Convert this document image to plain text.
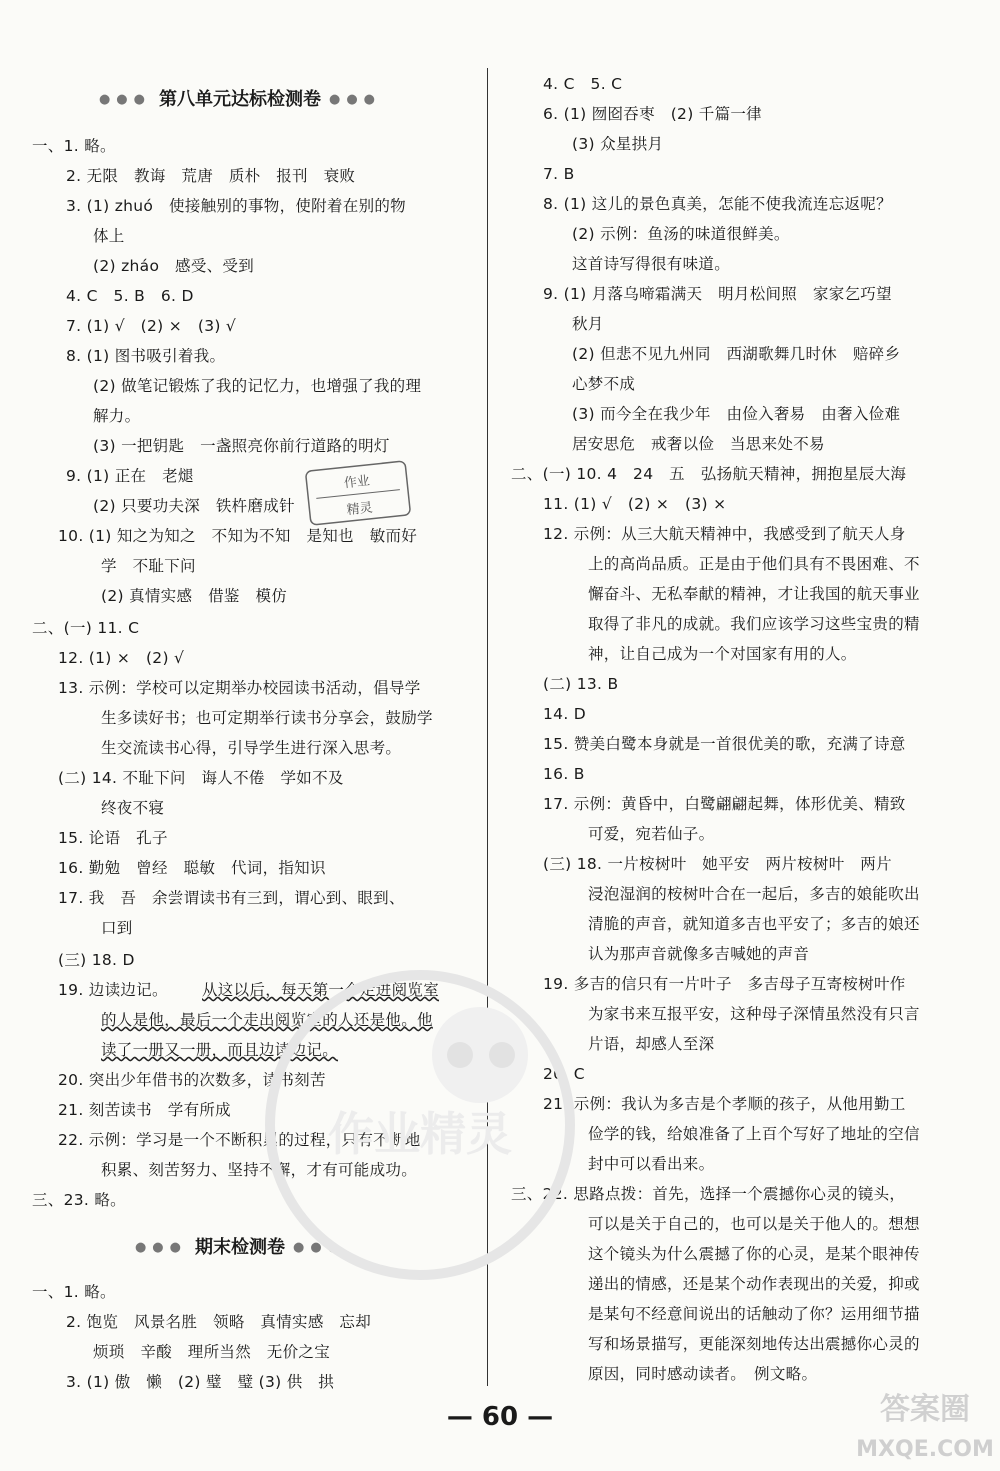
●●● 第八单元达标检测卷 ●●●
一、1. 略。
2. 无限　教诲　荒唐　质朴　报刊　衰败
3. (1) zhuó　使接触别的事物，使附着在别的物
体上
(2) zháo　感受、受到
4. C　5. B　6. D
7. (1) √　(2) ×　(3) √
8. (1) 图书吸引着我。
(2) 做笔记锻炼了我的记忆力，也增强了我的理
解力。
(3) 一把钥匙　一盏照亮你前行道路的明灯
9. (1) 正在　老煺
(2) 只要功夫深　铁杵磨成针
10. (1) 知之为知之　不知为不知　是知也　敏而好
学　不耻下问
(2) 真情实感　借鉴　模仿
二、(一) 11. C
12. (1) ×　(2) √
13. 示例：学校可以定期举办校园读书活动，倡导学
生多读好书；也可定期举行读书分享会，鼓励学
生交流读书心得，引导学生进行深入思考。
(二) 14. 不耻下问　诲人不倦　学如不及
终夜不寝
15. 论语　孔子
16. 勤勉　曾经　聪敏　代词，指知识
17. 我　吾　余尝谓读书有三到，谓心到、眼到、
口到
(三) 18. D
19. 边读边记。 从这以后，每天第一个走进阅览室
的人是他，最后一个走出阅览室的人还是他。他
读了一册又一册，而且边读边记。
20. 突出少年借书的次数多，读书刻苦
21. 刻苦读书　学有所成
22. 示例：学习是一个不断积累的过程，只有不断地
积累、刻苦努力、坚持不懈，才有可能成功。
三、23. 略。
●●● 期末检测卷 ●●●
一、1. 略。
2. 饱览　风景名胜　领略　真情实感　忘却
烦琐　辛酸　理所当然　无价之宝
3. (1) 傲　懒　(2) 璧　璧 (3) 供　拱
4. C　5. C
6. (1) 囫囵吞枣　(2) 千篇一律
(3) 众星拱月
7. B
8. (1) 这儿的景色真美，怎能不使我流连忘返呢？
(2) 示例：鱼汤的味道很鲜美。
这首诗写得很有味道。
9. (1) 月落乌啼霜满天　明月松间照　家家乞巧望
秋月
(2) 但悲不见九州同　西湖歌舞几时休　赔碎乡
心梦不成
(3) 而今全在我少年　由俭入奢易　由奢入俭难
居安思危　戒奢以俭　当思来处不易
二、(一) 10. 4　24　五　弘扬航天精神，拥抱星辰大海
11. (1) √　(2) ×　(3) ×
12. 示例：从三大航天精神中，我感受到了航天人身
上的高尚品质。正是由于他们具有不畏困难、不
懈奋斗、无私奉献的精神，才让我国的航天事业
取得了非凡的成就。我们应该学习这些宝贵的精
神，让自己成为一个对国家有用的人。
(二) 13. B
14. D
15. 赞美白鹭本身就是一首很优美的歌，充满了诗意
16. B
17. 示例：黄昏中，白鹭翩翩起舞，体形优美、精致
可爱，宛若仙子。
(三) 18. 一片桉树叶　她平安　两片桉树叶　两片
浸泡湿润的桉树叶合在一起后，多吉的娘能吹出
清脆的声音，就知道多吉也平安了；多吉的娘还
认为那声音就像多吉喊她的声音
19. 多吉的信只有一片叶子　多吉母子互寄桉树叶作
为家书来互报平安，这种母子深情虽然没有只言
片语，却感人至深
20. C
21. 示例：我认为多吉是个孝顺的孩子，从他用勤工
俭学的钱，给娘准备了上百个写好了地址的空信
封中可以看出来。
三、22. 思路点拨：首先，选择一个震撼你心灵的镜头，
可以是关于自己的，也可以是关于他人的。想想
这个镜头为什么震撼了你的心灵，是某个眼神传
递出的情感，还是某个动作表现出的关爱，抑或
是某句不经意间说出的话触动了你？运用细节描
写和场景描写，更能深刻地传达出震撼你心灵的
原因，同时感动读者。　例文略。
作业
精灵
作业精灵
— 60 —	答案圈
MXQE.COM
